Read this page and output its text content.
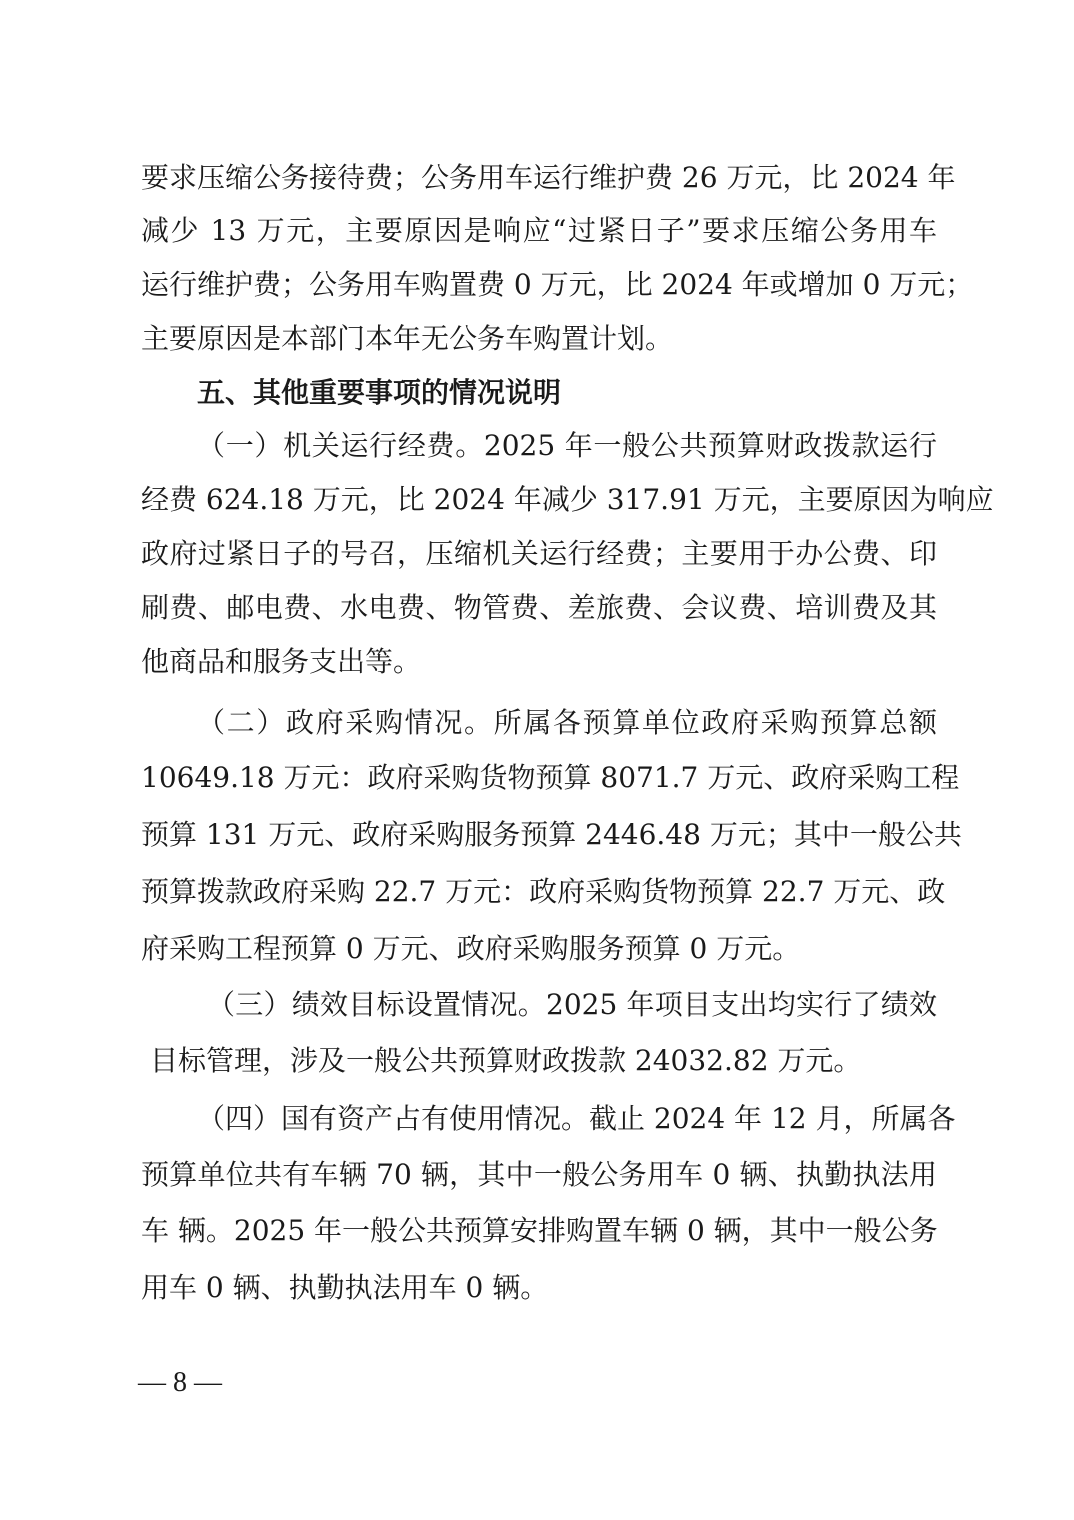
要求压缩公务接待费；公务用车运行维护费 26 万元，比 2024 年
减少 13 万元，主要原因是响应“过紧日子”要求压缩公务用车
运行维护费；公务用车购置费 0 万元，比 2024 年或增加 0 万元；
主要原因是本部门本年无公务车购置计划。
五、其他重要事项的情况说明
（一）机关运行经费。2025 年一般公共预算财政拨款运行
经费 624.18 万元，比 2024 年减少 317.91 万元，主要原因为响应
政府过紧日子的号召，压缩机关运行经费；主要用于办公费、印
刷费、邮电费、水电费、物管费、差旅费、会议费、培训费及其
他商品和服务支出等。
（二）政府采购情况。所属各预算单位政府采购预算总额
10649.18 万元：政府采购货物预算 8071.7 万元、政府采购工程
预算 131 万元、政府采购服务预算 2446.48 万元；其中一般公共
预算拨款政府采购 22.7 万元：政府采购货物预算 22.7 万元、政
府采购工程预算 0 万元、政府采购服务预算 0 万元。
（三）绩效目标设置情况。2025 年项目支出均实行了绩效
目标管理，涉及一般公共预算财政拨款 24032.82 万元。
（四）国有资产占有使用情况。截止 2024 年 12 月，所属各
预算单位共有车辆 70 辆，其中一般公务用车 0 辆、执勤执法用
车 辆。2025 年一般公共预算安排购置车辆 0 辆，其中一般公务
用车 0 辆、执勤执法用车 0 辆。
— 8 —
